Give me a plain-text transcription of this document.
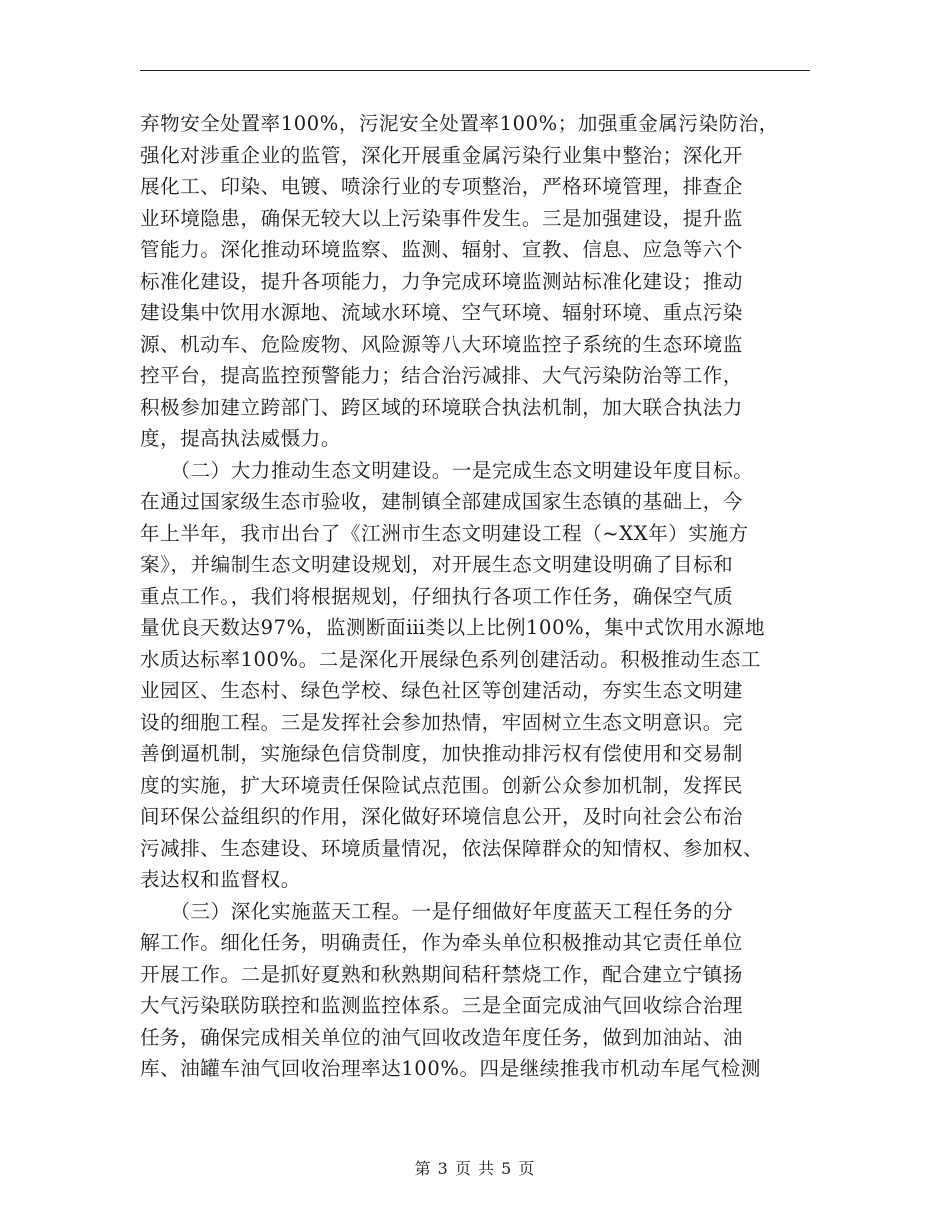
弃物安全处置率100%，污泥安全处置率100%；加强重金属污染防治，
强化对涉重企业的监管，深化开展重金属污染行业集中整治；深化开
展化工、印染、电镀、喷涂行业的专项整治，严格环境管理，排查企
业环境隐患，确保无较大以上污染事件发生。三是加强建设，提升监
管能力。深化推动环境监察、监测、辐射、宣教、信息、应急等六个
标准化建设，提升各项能力，力争完成环境监测站标准化建设；推动
建设集中饮用水源地、流域水环境、空气环境、辐射环境、重点污染
源、机动车、危险废物、风险源等八大环境监控子系统的生态环境监
控平台，提高监控预警能力；结合治污减排、大气污染防治等工作，
积极参加建立跨部门、跨区域的环境联合执法机制，加大联合执法力
度，提高执法威慑力。
　　（二）大力推动生态文明建设。一是完成生态文明建设年度目标。
在通过国家级生态市验收，建制镇全部建成国家生态镇的基础上，今
年上半年，我市出台了《江洲市生态文明建设工程（~XX年）实施方
案》，并编制生态文明建设规划，对开展生态文明建设明确了目标和
重点工作。，我们将根据规划，仔细执行各项工作任务，确保空气质
量优良天数达97%，监测断面ⅲ类以上比例100%，集中式饮用水源地
水质达标率100%。二是深化开展绿色系列创建活动。积极推动生态工
业园区、生态村、绿色学校、绿色社区等创建活动，夯实生态文明建
设的细胞工程。三是发挥社会参加热情，牢固树立生态文明意识。完
善倒逼机制，实施绿色信贷制度，加快推动排污权有偿使用和交易制
度的实施，扩大环境责任保险试点范围。创新公众参加机制，发挥民
间环保公益组织的作用，深化做好环境信息公开，及时向社会公布治
污减排、生态建设、环境质量情况，依法保障群众的知情权、参加权、
表达权和监督权。
　　（三）深化实施蓝天工程。一是仔细做好年度蓝天工程任务的分
解工作。细化任务，明确责任，作为牵头单位积极推动其它责任单位
开展工作。二是抓好夏熟和秋熟期间秸秆禁烧工作，配合建立宁镇扬
大气污染联防联控和监测监控体系。三是全面完成油气回收综合治理
任务，确保完成相关单位的油气回收改造年度任务，做到加油站、油
库、油罐车油气回收治理率达100%。四是继续推我市机动车尾气检测
第 3 页 共 5 页
